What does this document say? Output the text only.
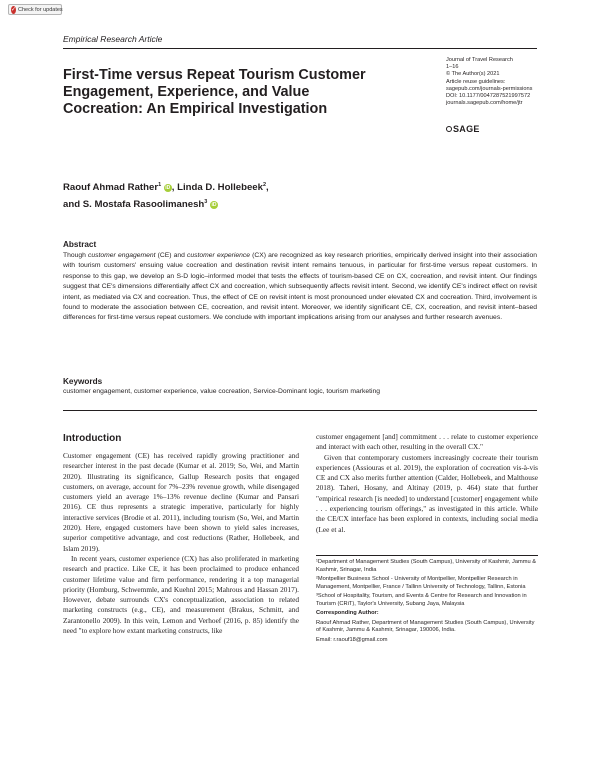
✓ Check for updates
Empirical Research Article
First-Time versus Repeat Tourism Customer Engagement, Experience, and Value Cocreation: An Empirical Investigation
Journal of Travel Research
1–16
© The Author(s) 2021
Article reuse guidelines:
sagepub.com/journals-permissions
DOI: 10.1177/0047287521997572
journals.sagepub.com/home/jtr
SAGE
Raouf Ahmad Rather$^1$ iD , Linda D. Hollebeek$^2$,
and S. Mostafa Rasoolimanesh$^3$ iD
Abstract
Though customer engagement (CE) and customer experience (CX) are recognized as key research priorities, empirically derived insight into their association with tourism customers' ensuing value cocreation and destination revisit intent remains tenuous, in particular for first-time versus repeat customers. In response to this gap, we develop an S-D logic–informed model that tests the effects of tourism-based CE on CX, cocreation, and revisit intent. Our findings suggest that CE's dimensions differentially affect CX and cocreation, which subsequently affects revisit intent. Second, we identify CE's indirect effect on revisit intent, as mediated via CX and cocreation. Thus, the effect of CE on revisit intent is most pronounced under elevated CX and cocreation. Third, involvement is found to moderate the association between CE, cocreation, and revisit intent. Moreover, we identify significant CE, CX, cocreation, and revisit intent–based differences for first-time versus repeat customers. We conclude with important implications arising from our analyses and further research avenues.
Keywords
customer engagement, customer experience, value cocreation, Service-Dominant logic, tourism marketing
Introduction

Customer engagement (CE) has received rapidly growing practitioner and researcher interest in the past decade (Kumar et al. 2019; So, Wei, and Martin 2020). Illustrating its significance, Gallup Research posits that engaged customers, on average, account for 7%–23% revenue growth, while disengaged customers yield an average 1%–13% revenue decline (Kumar and Pansari 2016). CE thus represents a strategic imperative, particularly for highly interactive services (Brodie et al. 2011), including tourism (So, Wei, and Martin 2020). Here, engaged customers have been shown to yield sales increases, superior competitive advantage, and cost reductions (Rather, Hollebeek, and Islam 2019).

In recent years, customer experience (CX) has also proliferated in marketing research and practice. Like CE, it has been proclaimed to produce enhanced customer lifetime value and firm performance, rendering it a top managerial priority (Homburg, Schwemmle, and Kuehnl 2015; Mahrous and Hassan 2017). However, debate surrounds CX's conceptualization, association to related marketing constructs (e.g., CE), and measurement (Brakus, Schmitt, and Zarantonello 2009). In this vein, Lemon and Verhoef (2016, p. 85) identify the need "to explore how extant marketing constructs, like

customer engagement [and] commitment . . . relate to customer experience and interact with each other, resulting in the overall CX."

Given that contemporary customers increasingly cocreate their tourism experiences (Assiouras et al. 2019), the exploration of cocreation vis-à-vis CE and CX also merits further attention (Calder, Hollebeek, and Malthouse 2018). Taheri, Hosany, and Altinay (2019, p. 464) state that further "empirical research [is needed] to understand [customer] engagement while . . . experiencing tourism offerings," as investigated in this article. While the CE/CX interface has been explored in contexts, including social media (Lee et al.

¹Department of Management Studies (South Campus), University of Kashmir, Jammu & Kashmir, Srinagar, India

²Montpellier Business School - University of Montpellier, Montpellier Research in Management, Montpellier, France / Tallinn University of Technology, Tallinn, Estonia

³School of Hospitality, Tourism, and Events & Centre for Research and Innovation in Tourism (CRiT), Taylor's University, Subang Jaya, Malaysia

Corresponding Author:

Raouf Ahmad Rather, Department of Management Studies (South Campus), University of Kashmir, Jammu & Kashmir, Srinagar, 190006, India.

Email: r.raouf18@gmail.com
